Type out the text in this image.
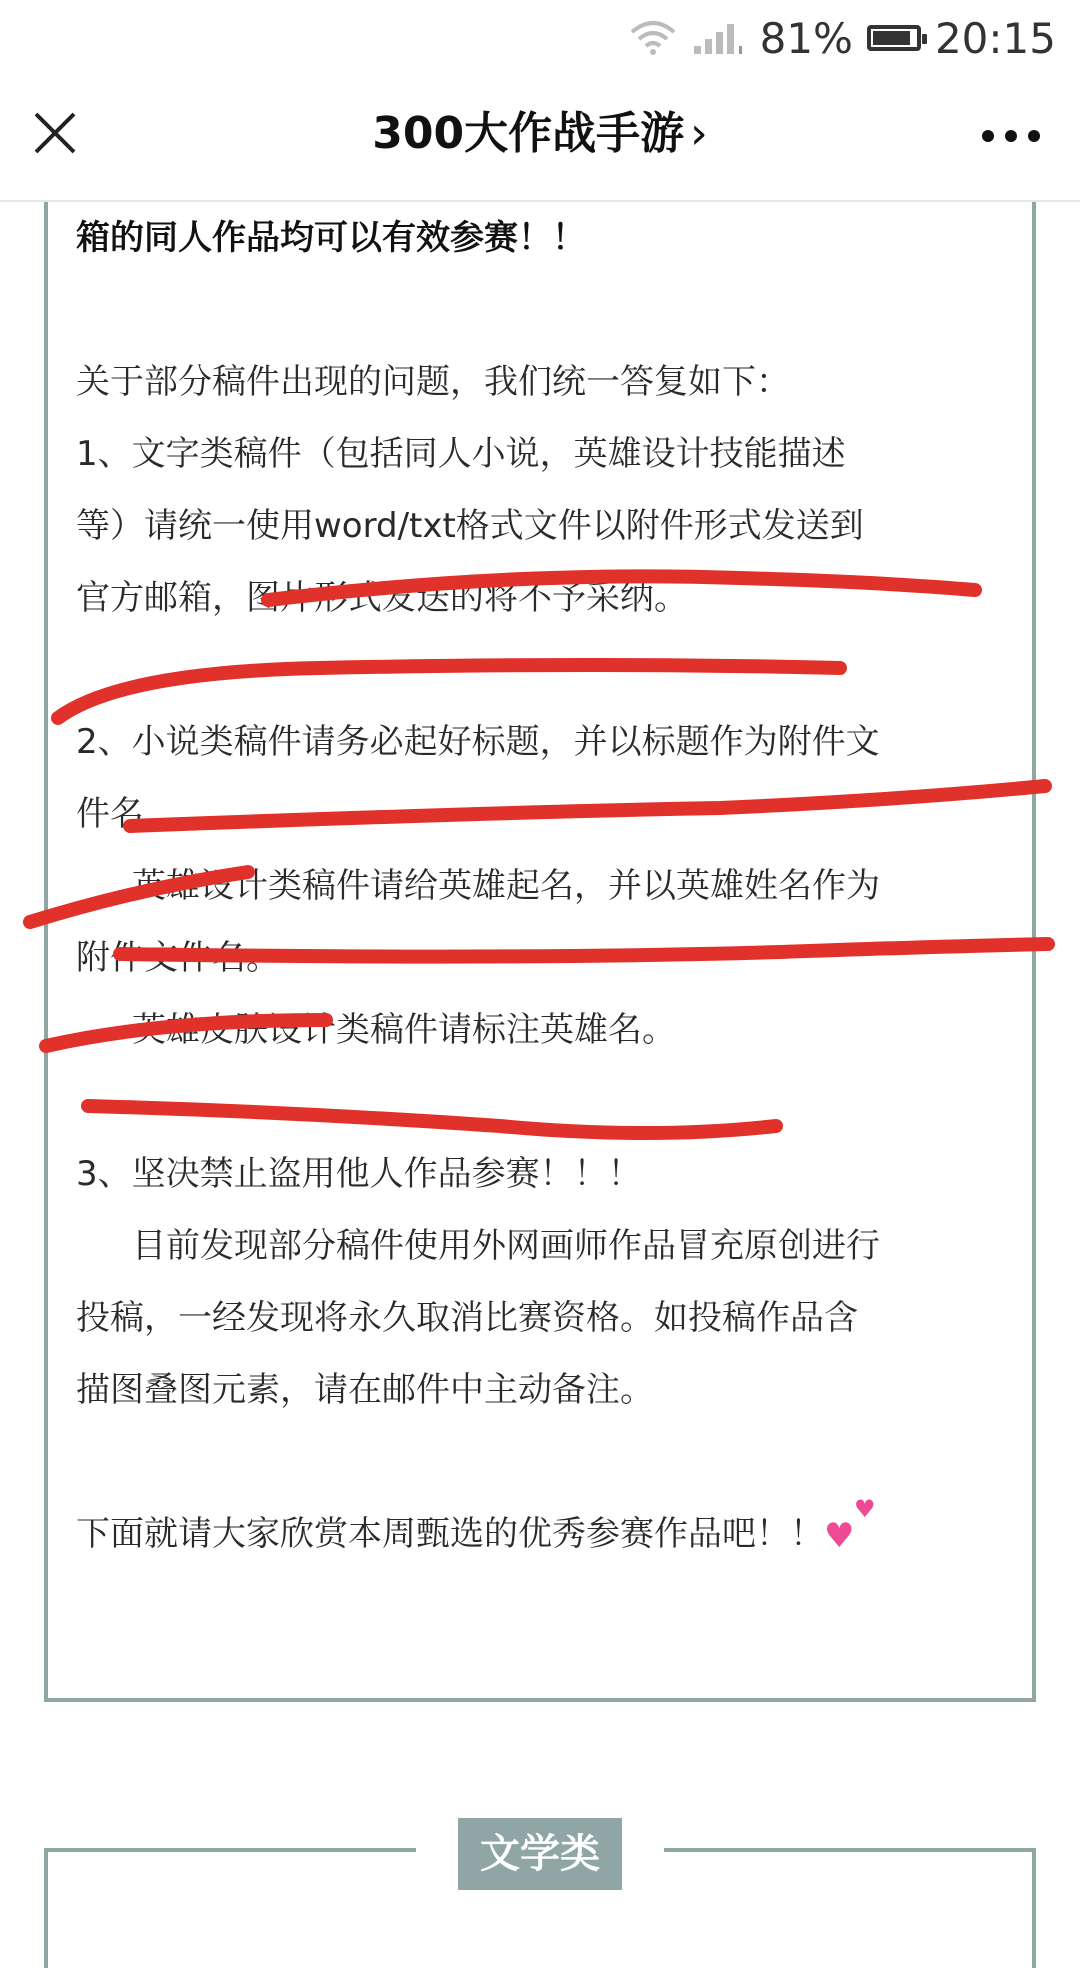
81% 20:15
300大作战手游 ›

箱的同人作品均可以有效参赛！！

关于部分稿件出现的问题，我们统一答复如下：

1、文字类稿件（包括同人小说，英雄设计技能描述

等）请统一使用word/txt格式文件以附件形式发送到

官方邮箱，图片形式发送的将不予采纳。

2、小说类稿件请务必起好标题，并以标题作为附件文

件名。

英雄设计类稿件请给英雄起名，并以英雄姓名作为

附件文件名。

英雄皮肤设计类稿件请标注英雄名。

3、坚决禁止盗用他人作品参赛！！！

目前发现部分稿件使用外网画师作品冒充原创进行

投稿，一经发现将永久取消比赛资格。如投稿作品含

描图叠图元素，请在邮件中主动备注。

下面就请大家欣赏本周甄选的优秀参赛作品吧！！ ♥
♥

文学类
